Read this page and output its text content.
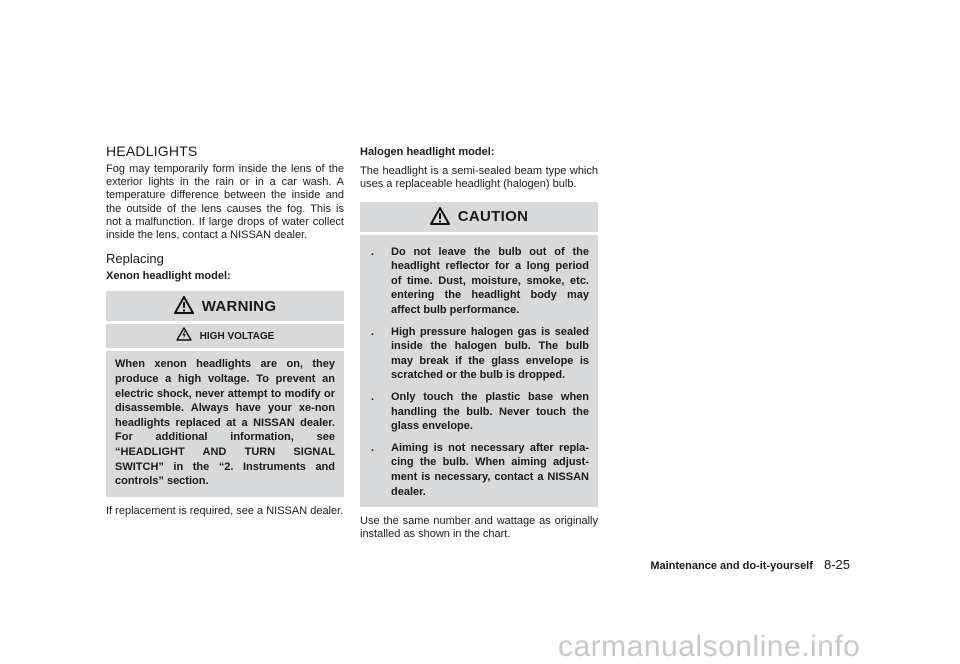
HEADLIGHTS

Fog may temporarily form inside the lens of the exterior lights in the rain or in a car wash. A temperature difference between the inside and the outside of the lens causes the fog. This is not a malfunction. If large drops of water collect inside the lens, contact a NISSAN dealer.

Replacing
Xenon headlight model:
WARNING
HIGH VOLTAGE
When xenon headlights are on, they produce a high voltage. To prevent an electric shock, never attempt to modify or disassemble. Always have your xe-non headlights replaced at a NISSAN dealer. For additional information, see “HEADLIGHT AND TURN SIGNAL SWITCH” in the “2. Instruments and controls” section.

If replacement is required, see a NISSAN dealer.

Halogen headlight model:

The headlight is a semi-sealed beam type which uses a replaceable headlight (halogen) bulb.

CAUTION
. Do not leave the bulb out of the headlight reflector for a long period of time. Dust, moisture, smoke, etc. entering the headlight body may affect bulb performance.
. High pressure halogen gas is sealed inside the halogen bulb. The bulb may break if the glass envelope is scratched or the bulb is dropped.
. Only touch the plastic base when handling the bulb. Never touch the glass envelope.
. Aiming is not necessary after repla-cing the bulb. When aiming adjust-ment is necessary, contact a NISSAN dealer.

Use the same number and wattage as originally installed as shown in the chart.

Maintenance and do-it-yourself 8-25
carmanualsonline.info
